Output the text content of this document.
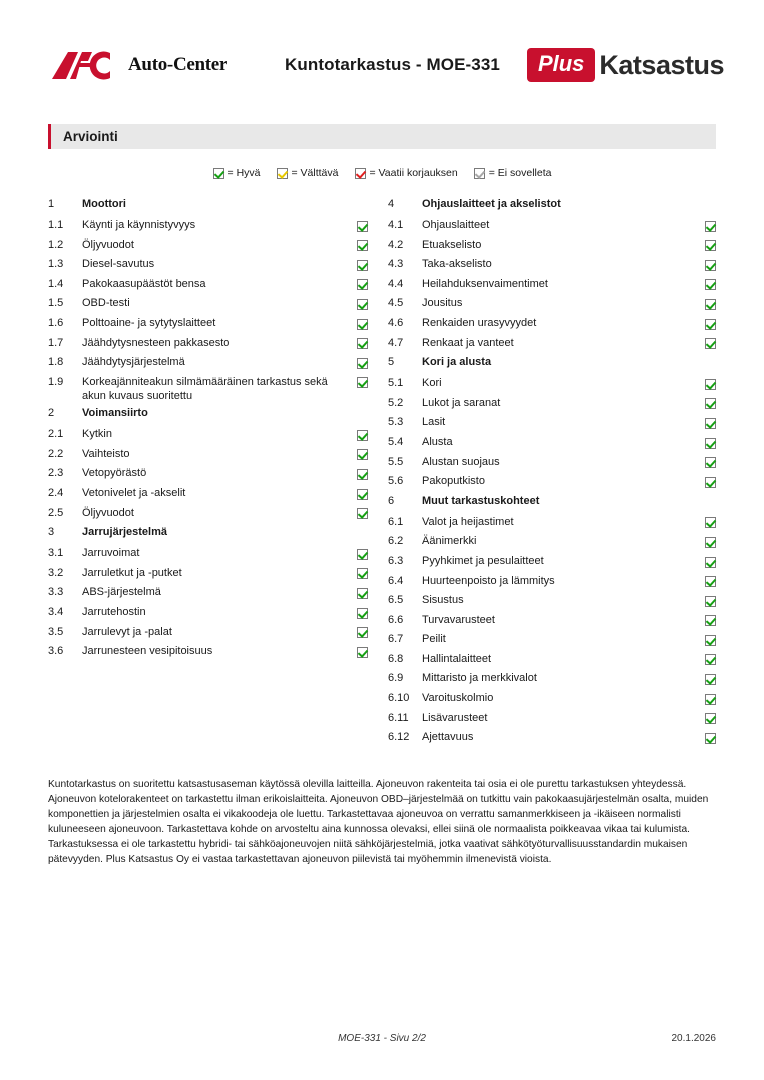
Auto-Center	Kuntotarkastus - MOE-331	Plus Katsastus
Arviointi
= Hyvä	= Välttävä	= Vaatii korjauksen	= Ei sovelleta
1	Moottori
1.1	Käynti ja käynnistyvyys
1.2	Öljyvuodot
1.3	Diesel-savutus
1.4	Pakokaasupäästöt bensa
1.5	OBD-testi
1.6	Polttoaine- ja sytytyslaitteet
1.7	Jäähdytysnesteen pakkasesto
1.8	Jäähdytysjärjestelmä
1.9	Korkeajänniteakun silmämääräinen tarkastus sekä akun kuvaus suoritettu
2	Voimansiirto
2.1	Kytkin
2.2	Vaihteisto
2.3	Vetopyörästö
2.4	Vetonivelet ja -akselit
2.5	Öljyvuodot
3	Jarrujärjestelmä
3.1	Jarruvoimat
3.2	Jarruletkut ja -putket
3.3	ABS-järjestelmä
3.4	Jarrutehostin
3.5	Jarrulevyt ja -palat
3.6	Jarrunesteen vesipitoisuus
4	Ohjauslaitteet ja akselistot
4.1	Ohjauslaitteet
4.2	Etuakselisto
4.3	Taka-akselisto
4.4	Heilahduksenvaimentimet
4.5	Jousitus
4.6	Renkaiden urasyvyydet
4.7	Renkaat ja vanteet
5	Kori ja alusta
5.1	Kori
5.2	Lukot ja saranat
5.3	Lasit
5.4	Alusta
5.5	Alustan suojaus
5.6	Pakoputkisto
6	Muut tarkastuskohteet
6.1	Valot ja heijastimet
6.2	Äänimerkki
6.3	Pyyhkimet ja pesulaitteet
6.4	Huurteenpoisto ja lämmitys
6.5	Sisustus
6.6	Turvavarusteet
6.7	Peilit
6.8	Hallintalaitteet
6.9	Mittaristo ja merkkivalot
6.10	Varoituskolmio
6.11	Lisävarusteet
6.12	Ajettavuus
Kuntotarkastus on suoritettu katsastusaseman käytössä olevilla laitteilla. Ajoneuvon rakenteita tai osia ei ole purettu tarkastuksen yhteydessä. Ajoneuvon kotelorakenteet on tarkastettu ilman erikoislaitteita. Ajoneuvon OBD–järjestelmää on tutkittu vain pakokaasujärjestelmän osalta, muiden komponettien ja järjestelmien osalta ei vikakoodeja ole luettu. Tarkastettavaa ajoneuvoa on verrattu samanmerkkiseen ja -ikäiseen normalisti kuluneeseen ajoneuvoon. Tarkastettava kohde on arvosteltu aina kunnossa olevaksi, ellei siinä ole normaalista poikkeavaa vikaa tai kulumista. Tarkastuksessa ei ole tarkastettu hybridi- tai sähköajoneuvojen niitä sähköjärjestelmiä, jotka vaativat sähkötyöturvallisuusstandardin mukaisen pätevyyden. Plus Katsastus Oy ei vastaa tarkastettavan ajoneuvon piilevistä tai myöhemmin ilmenevistä vioista.
MOE-331 - Sivu 2/2	20.1.2026
